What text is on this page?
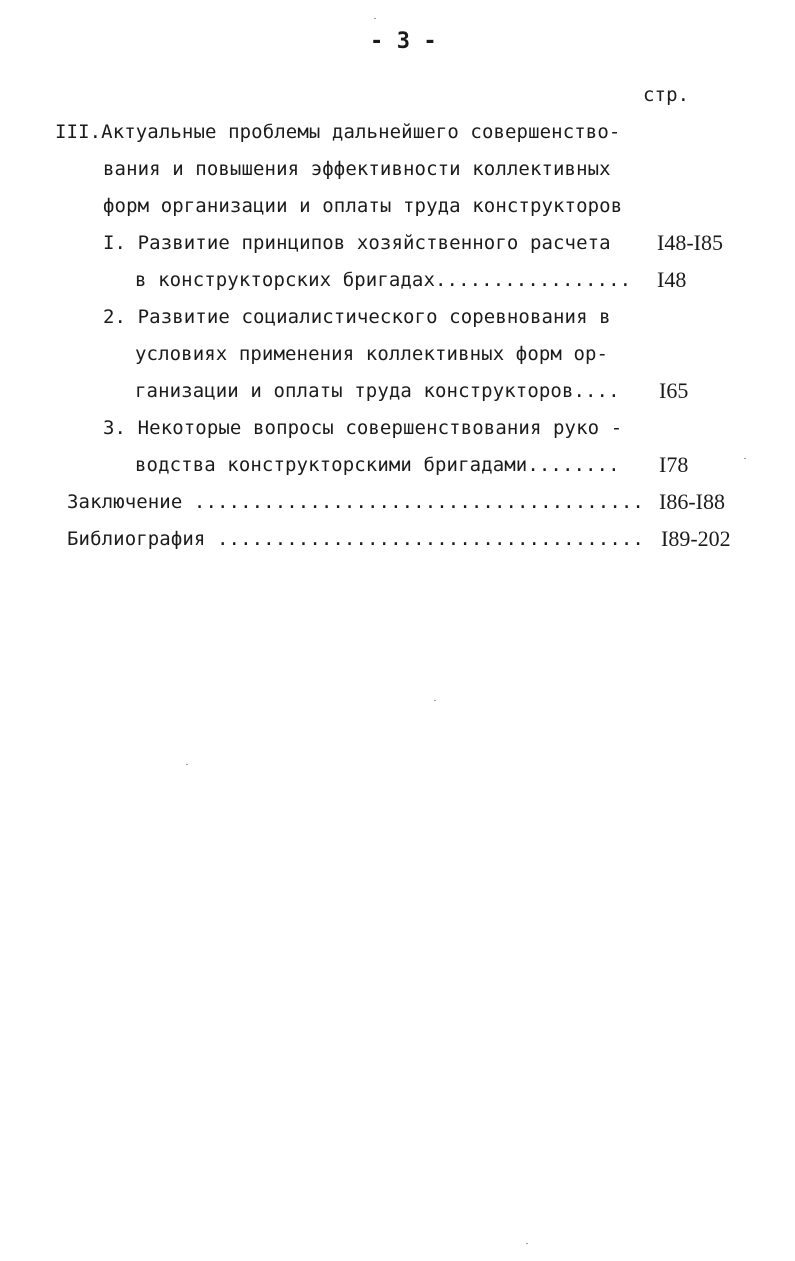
- 3 -
стр.
III.Актуальные проблемы дальнейшего совершенство-
вания и повышения эффективности коллективных
форм организации и оплаты труда конструкторов
I. Развитие принципов хозяйственного расчета I48-I85
в конструкторских бригадах................. I48
2. Развитие социалистического соревнования в
условиях применения коллективных форм ор-
ганизации и оплаты труда конструкторов.... I65
3. Некоторые вопросы совершенствования руко -
водства конструкторскими бригадами........ I78
Заключение ....................................... I86-I88
Библиография ..................................... I89-202
